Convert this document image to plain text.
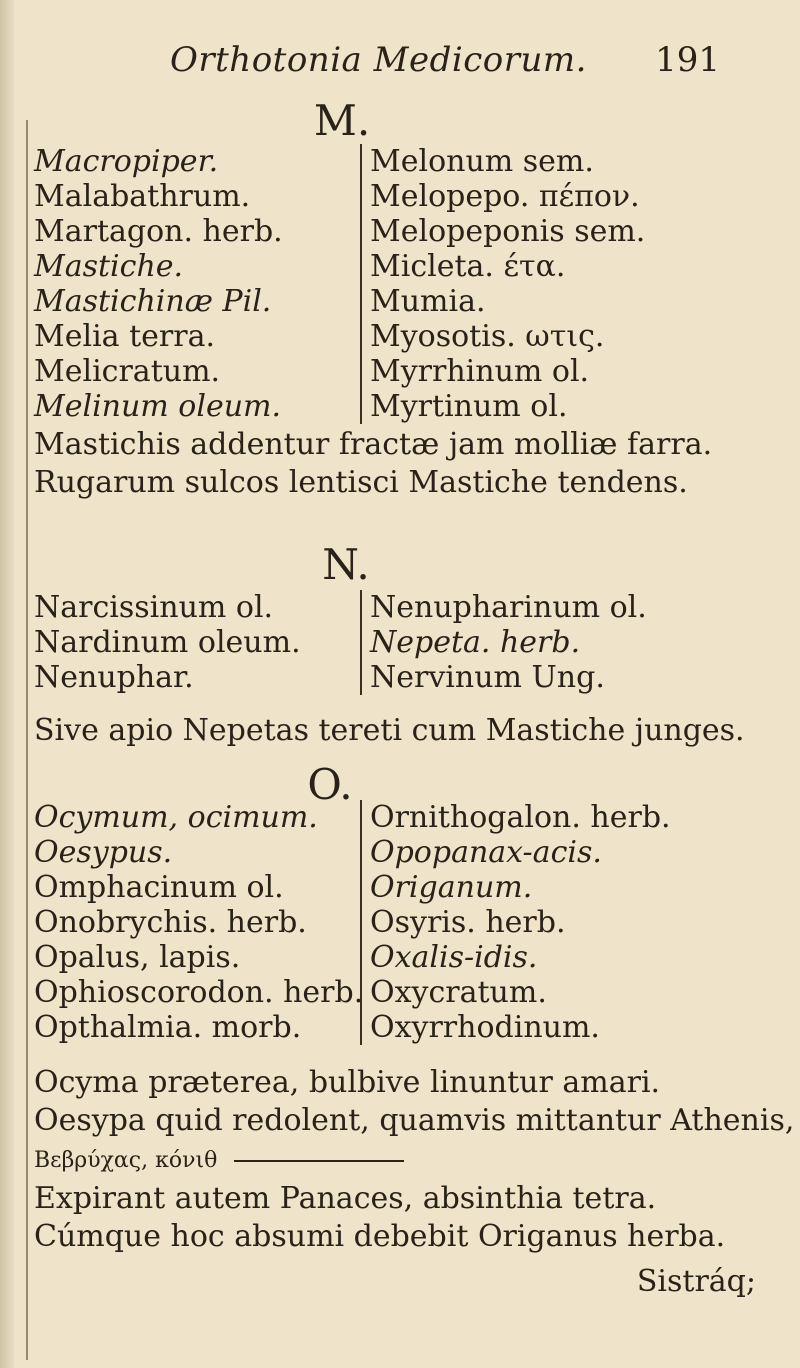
Orthotonia Medicorum. 191
M.
Macropiper.
Malabathrum.
Martagon. herb.
Mastiche.
Mastichinæ Pil.
Melia terra.
Melicratum.
Melinum oleum.
Melonum sem.
Melopepo. πέπον.
Melopeponis sem.
Micleta. έτα.
Mumia.
Myosotis. ωτις.
Myrrhinum ol.
Myrtinum ol.
Mastichis addentur fractæ jam molliæ farra.
Rugarum sulcos lentisci Mastiche tendens.
N.
Narcissinum ol.
Nardinum oleum.
Nenuphar.
Nenupharinum ol.
Nepeta. herb.
Nervinum Ung.
Sive apio Nepetas tereti cum Mastiche junges.
O.
Ocymum, ocimum.
Oesypus.
Omphacinum ol.
Onobrychis. herb.
Opalus, lapis.
Ophioscorodon. herb.
Opthalmia. morb.
Ornithogalon. herb.
Opopanax-acis.
Origanum.
Osyris. herb.
Oxalis-idis.
Oxycratum.
Oxyrrhodinum.
Ocyma præterea, bulbive linuntur amari.
Oesypa quid redolent, quamvis mittantur Athenis,
Βεβρύχας, κόνιθ
Expirant autem Panaces, absinthia tetra.
Cúmque hoc absumi debebit Origanus herba.
Sistráq;
